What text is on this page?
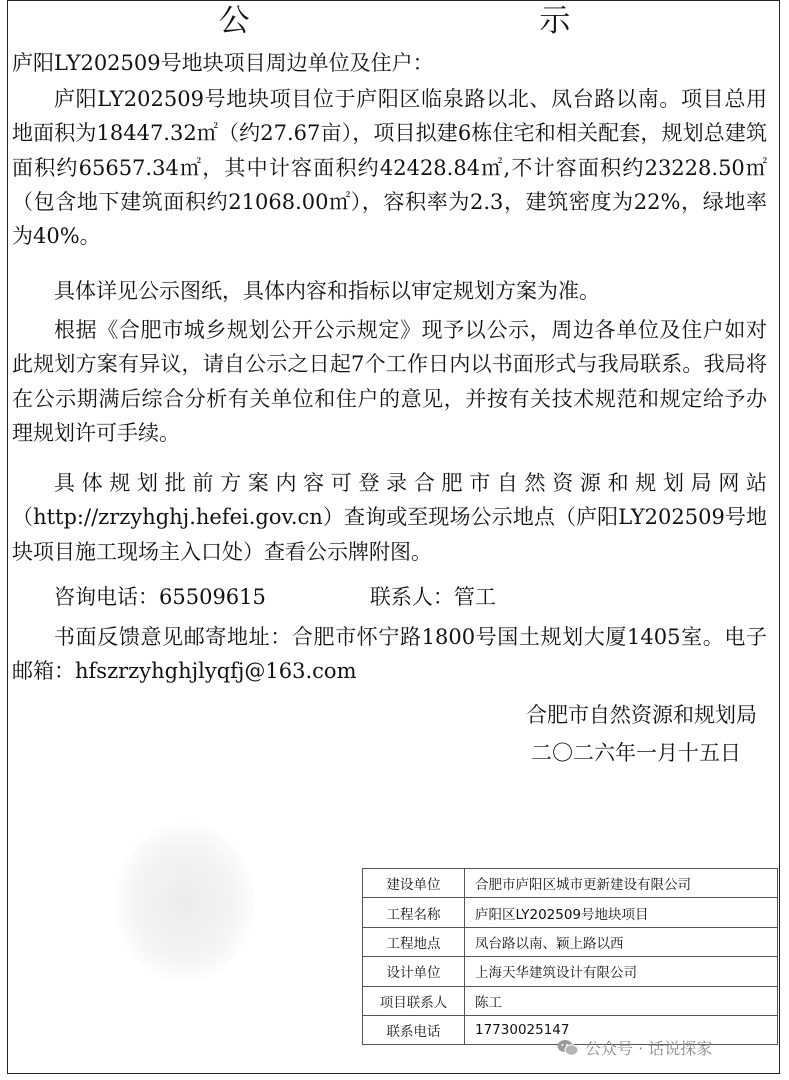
公 示

庐阳LY202509号地块项目周边单位及住户：

庐阳LY202509号地块项目位于庐阳区临泉路以北、凤台路以南。项目总用地面积为18447.32㎡（约27.67亩），项目拟建6栋住宅和相关配套，规划总建筑面积约65657.34㎡，其中计容面积约42428.84㎡,不计容面积约23228.50㎡（包含地下建筑面积约21068.00㎡），容积率为2.3，建筑密度为22%，绿地率为40%。

具体详见公示图纸，具体内容和指标以审定规划方案为准。

根据《合肥市城乡规划公开公示规定》现予以公示，周边各单位及住户如对此规划方案有异议，请自公示之日起7个工作日内以书面形式与我局联系。我局将在公示期满后综合分析有关单位和住户的意见，并按有关技术规范和规定给予办理规划许可手续。

具体规划批前方案内容可登录合肥市自然资源和规划局网站（http://zrzyhghj.hefei.gov.cn）查询或至现场公示地点（庐阳LY202509号地块项目施工现场主入口处）查看公示牌附图。

咨询电话：65509615	联系人：管工

书面反馈意见邮寄地址：合肥市怀宁路1800号国土规划大厦1405室。电子邮箱：hfszrzyhghjlyqfj@163.com

合肥市自然资源和规划局
二〇二六年一月十五日
建设单位	合肥市庐阳区城市更新建设有限公司
工程名称	庐阳区LY202509号地块项目
工程地点	凤台路以南、颖上路以西
设计单位	上海天华建筑设计有限公司
项目联系人	陈工
联系电话	17730025147
公众号 · 话说探家
